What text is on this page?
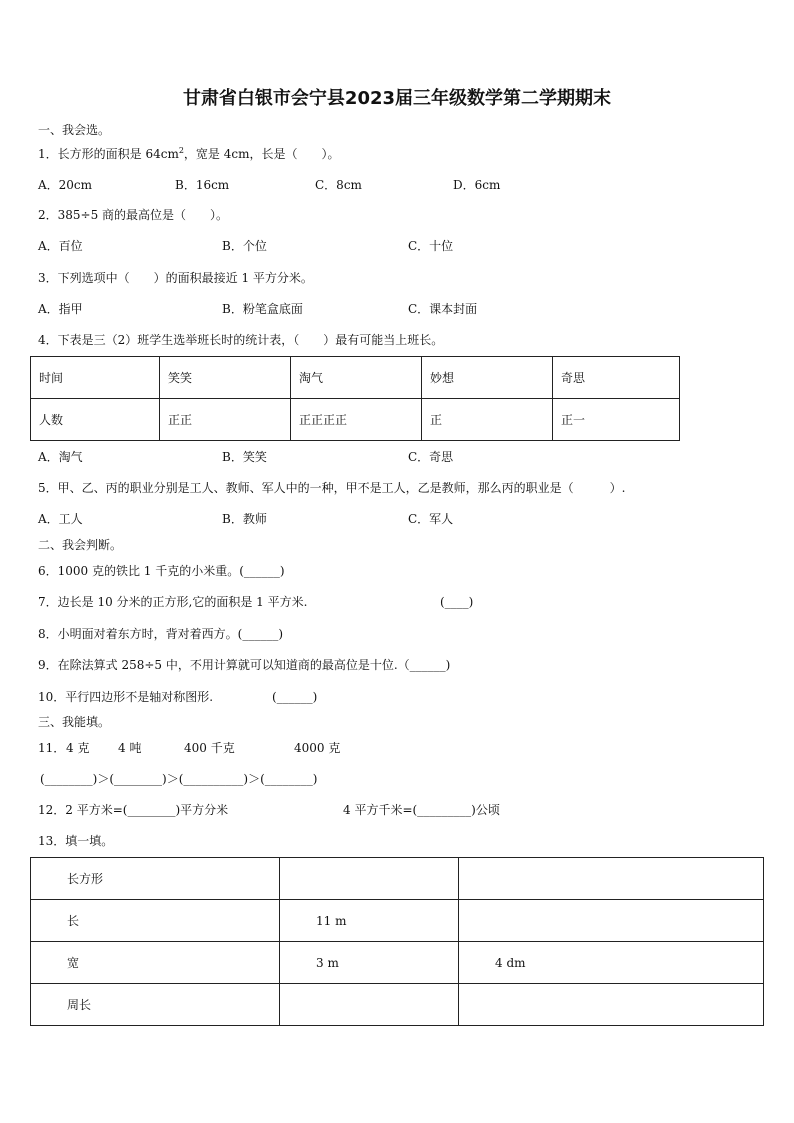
甘肃省白银市会宁县2023届三年级数学第二学期期末
一、我会选。
1．长方形的面积是 $64cm^2$，宽是 4cm，长是（　　）。
A．20cm	B．16cm	C．8cm	D．6cm
2．385÷5 商的最高位是（　　）。
A．百位	B．个位	C．十位
3．下列选项中（　　）的面积最接近 1 平方分米。
A．指甲	B．粉笔盒底面	C．课本封面
4．下表是三（2）班学生选举班长时的统计表，（　　）最有可能当上班长。
时间	笑笑	淘气	妙想	奇思
人数	正正	正正正正	正	正一
A．淘气	B．笑笑	C．奇思
5．甲、乙、丙的职业分别是工人、教师、军人中的一种，甲不是工人，乙是教师，那么丙的职业是（　　　）.
A．工人	B．教师	C．军人
二、我会判断。
6．1000 克的铁比 1 千克的小米重。(______)
7．边长是 10 分米的正方形,它的面积是 1 平方米.	(____)
8．小明面对着东方时，背对着西方。(______)
9．在除法算式 258÷5 中，不用计算就可以知道商的最高位是十位.（______)
10．平行四边形不是轴对称图形.	(______)
三、我能填。
11． 4 克 4 吨	400 千克	4000 克
(________)＞(________)＞(__________)＞(________)
12．2 平方米=(________)平方分米	4 平方千米=(_________)公顷
13．填一填。
长方形		
长	11 m	
宽	3 m	4 dm
周长		
